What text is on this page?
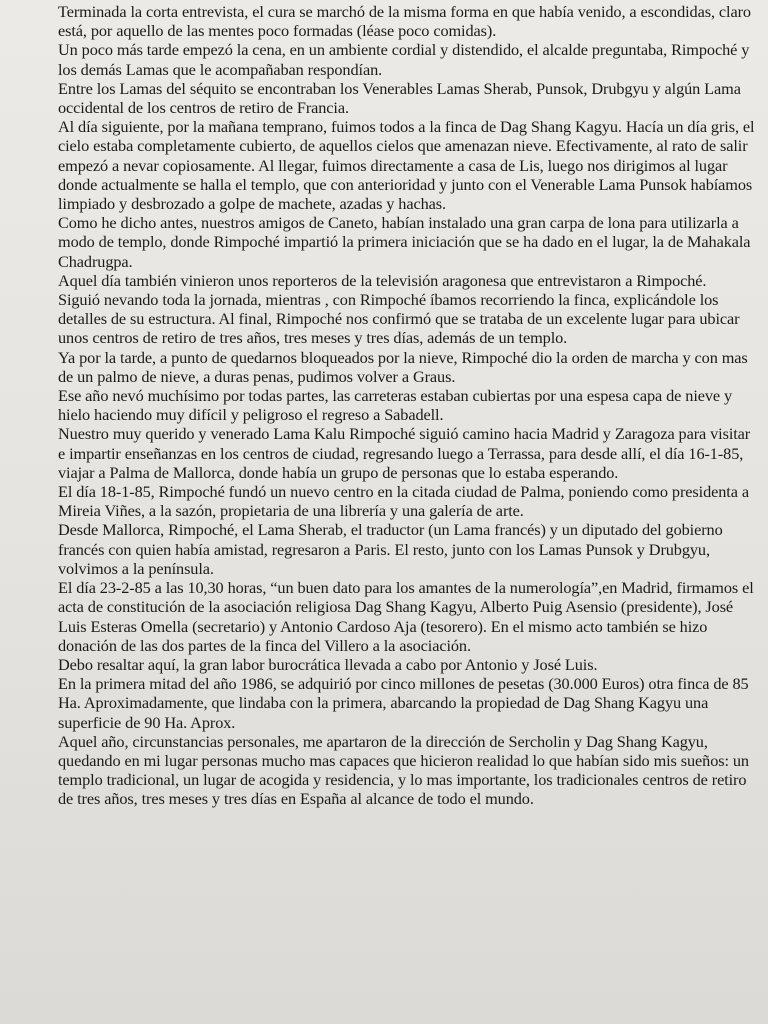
Terminada la corta entrevista, el cura se marchó de la misma forma en que había venido, a escondidas, claro está, por aquello de las mentes poco formadas (léase poco comidas).

Un poco más tarde empezó la cena, en un ambiente cordial y distendido, el alcalde preguntaba, Rimpoché y los demás Lamas que le acompañaban respondían.

Entre los Lamas del séquito se encontraban los Venerables Lamas Sherab, Punsok, Drubgyu y algún Lama occidental de los centros de retiro de Francia.

Al día siguiente, por la mañana temprano, fuimos todos a la finca de Dag Shang Kagyu. Hacía un día gris, el cielo estaba completamente cubierto, de aquellos cielos que amenazan nieve. Efectivamente, al rato de salir empezó a nevar copiosamente. Al llegar, fuimos directamente a casa de Lis, luego nos dirigimos al lugar donde actualmente se halla el templo, que con anterioridad y junto con el Venerable Lama Punsok habíamos limpiado y desbrozado a golpe de machete, azadas y hachas.

Como he dicho antes, nuestros amigos de Caneto, habían instalado una gran carpa de lona para utilizarla a modo de templo, donde Rimpoché impartió la primera iniciación que se ha dado en el lugar, la de Mahakala Chadrugpa.

Aquel día también vinieron unos reporteros de la televisión aragonesa que entrevistaron a Rimpoché.

Siguió nevando toda la jornada, mientras , con Rimpoché íbamos recorriendo la finca, explicándole los detalles de su estructura. Al final, Rimpoché nos confirmó que se trataba de un excelente lugar para ubicar unos centros de retiro de tres años, tres meses y tres días, además de un templo.

Ya por la tarde, a punto de quedarnos bloqueados por la nieve, Rimpoché dio la orden de marcha y con mas de un palmo de nieve, a duras penas, pudimos volver a Graus.

Ese año nevó muchísimo por todas partes, las carreteras estaban cubiertas por una espesa capa de nieve y hielo haciendo muy difícil y peligroso el regreso a Sabadell.

Nuestro muy querido y venerado Lama Kalu Rimpoché siguió camino hacia Madrid y Zaragoza para visitar e impartir enseñanzas en los centros de ciudad, regresando luego a Terrassa, para desde allí, el día 16-1-85, viajar a Palma de Mallorca, donde había un grupo de personas que lo estaba esperando.

El día 18-1-85, Rimpoché fundó un nuevo centro en la citada ciudad de Palma, poniendo como presidenta a Mireia Viñes, a la sazón, propietaria de una librería y una galería de arte.

Desde Mallorca, Rimpoché, el Lama Sherab, el traductor (un Lama francés) y un diputado del gobierno francés con quien había amistad, regresaron a Paris. El resto, junto con los Lamas Punsok y Drubgyu, volvimos a la península.

El día 23-2-85 a las 10,30 horas, “un buen dato para los amantes de la numerología”,en Madrid, firmamos el acta de constitución de la asociación religiosa Dag Shang Kagyu, Alberto Puig Asensio (presidente), José Luis Esteras Omella (secretario) y Antonio Cardoso Aja (tesorero). En el mismo acto también se hizo donación de las dos partes de la finca del Villero a la asociación.

Debo resaltar aquí, la gran labor burocrática llevada a cabo por Antonio y José Luis.

En la primera mitad del año 1986, se adquirió por cinco millones de pesetas (30.000 Euros) otra finca de 85 Ha. Aproximadamente, que lindaba con la primera, abarcando la propiedad de Dag Shang Kagyu una superficie de 90 Ha. Aprox.

Aquel año, circunstancias personales, me apartaron de la dirección de Sercholin y Dag Shang Kagyu, quedando en mi lugar personas mucho mas capaces que hicieron realidad lo que habían sido mis sueños: un templo tradicional, un lugar de acogida y residencia, y lo mas importante, los tradicionales centros de retiro de tres años, tres meses y tres días en España al alcance de todo el mundo.
